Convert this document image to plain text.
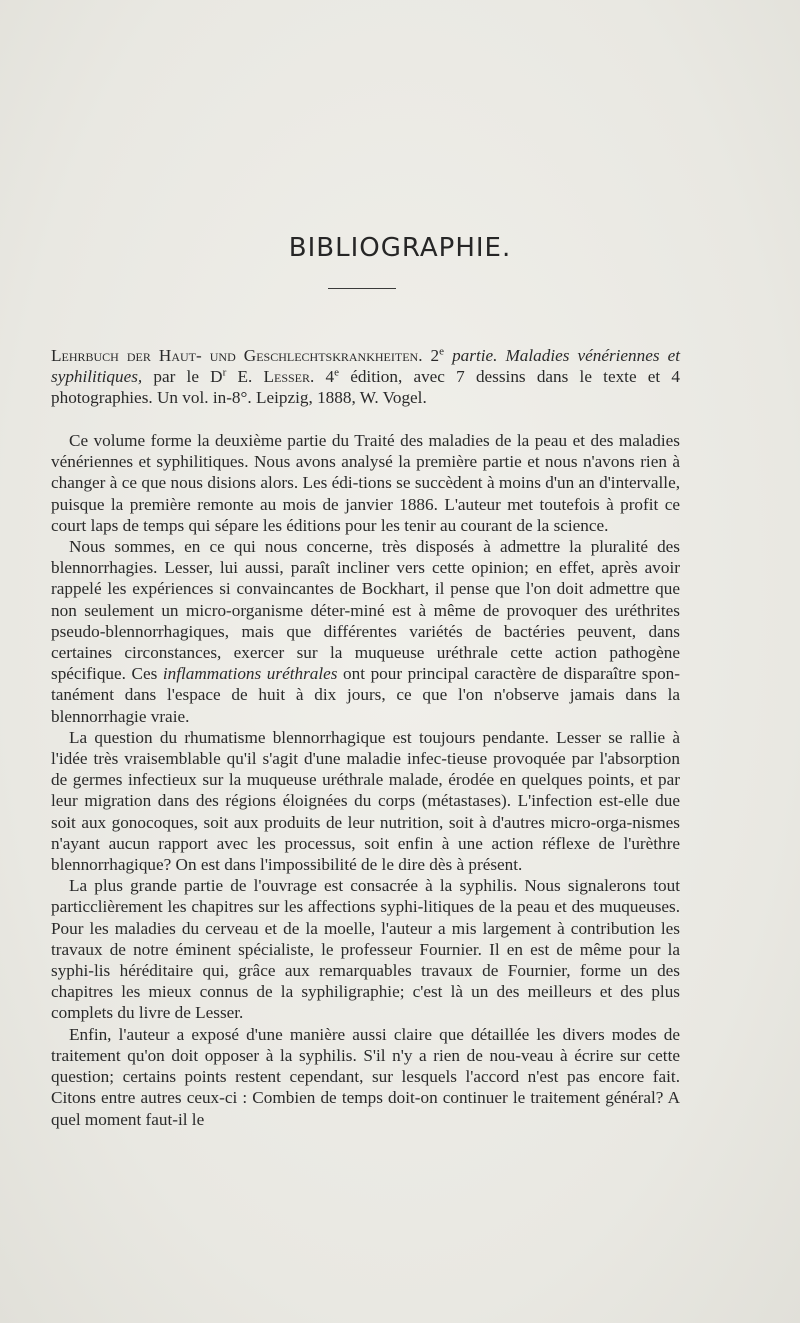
BIBLIOGRAPHIE.

Lehrbuch der Haut- und Geschlechtskrankheiten. 2e partie. Maladies vénériennes et syphilitiques, par le $D^r$ E. Lesser. 4e édition, avec 7 dessins dans le texte et 4 photographies. Un vol. in-8°. Leipzig, 1888, W. Vogel.

Ce volume forme la deuxième partie du Traité des maladies de la peau et des maladies vénériennes et syphilitiques. Nous avons analysé la première partie et nous n'avons rien à changer à ce que nous disions alors. Les édi-tions se succèdent à moins d'un an d'intervalle, puisque la première remonte au mois de janvier 1886. L'auteur met toutefois à profit ce court laps de temps qui sépare les éditions pour les tenir au courant de la science.

Nous sommes, en ce qui nous concerne, très disposés à admettre la pluralité des blennorrhagies. Lesser, lui aussi, paraît incliner vers cette opinion; en effet, après avoir rappelé les expériences si convaincantes de Bockhart, il pense que l'on doit admettre que non seulement un micro-organisme déter-miné est à même de provoquer des uréthrites pseudo-blennorrhagiques, mais que différentes variétés de bactéries peuvent, dans certaines circonstances, exercer sur la muqueuse uréthrale cette action pathogène spécifique. Ces inflammations uréthrales ont pour principal caractère de disparaître spon-tanément dans l'espace de huit à dix jours, ce que l'on n'observe jamais dans la blennorrhagie vraie.

La question du rhumatisme blennorrhagique est toujours pendante. Lesser se rallie à l'idée très vraisemblable qu'il s'agit d'une maladie infec-tieuse provoquée par l'absorption de germes infectieux sur la muqueuse uréthrale malade, érodée en quelques points, et par leur migration dans des régions éloignées du corps (métastases). L'infection est-elle due soit aux gonocoques, soit aux produits de leur nutrition, soit à d'autres micro-orga-nismes n'ayant aucun rapport avec les processus, soit enfin à une action réflexe de l'urèthre blennorrhagique? On est dans l'impossibilité de le dire dès à présent.

La plus grande partie de l'ouvrage est consacrée à la syphilis. Nous signalerons tout particclièrement les chapitres sur les affections syphi-litiques de la peau et des muqueuses. Pour les maladies du cerveau et de la moelle, l'auteur a mis largement à contribution les travaux de notre éminent spécialiste, le professeur Fournier. Il en est de même pour la syphi-lis héréditaire qui, grâce aux remarquables travaux de Fournier, forme un des chapitres les mieux connus de la syphiligraphie; c'est là un des meilleurs et des plus complets du livre de Lesser.

Enfin, l'auteur a exposé d'une manière aussi claire que détaillée les divers modes de traitement qu'on doit opposer à la syphilis. S'il n'y a rien de nou-veau à écrire sur cette question; certains points restent cependant, sur lesquels l'accord n'est pas encore fait. Citons entre autres ceux-ci : Combien de temps doit-on continuer le traitement général? A quel moment faut-il le
